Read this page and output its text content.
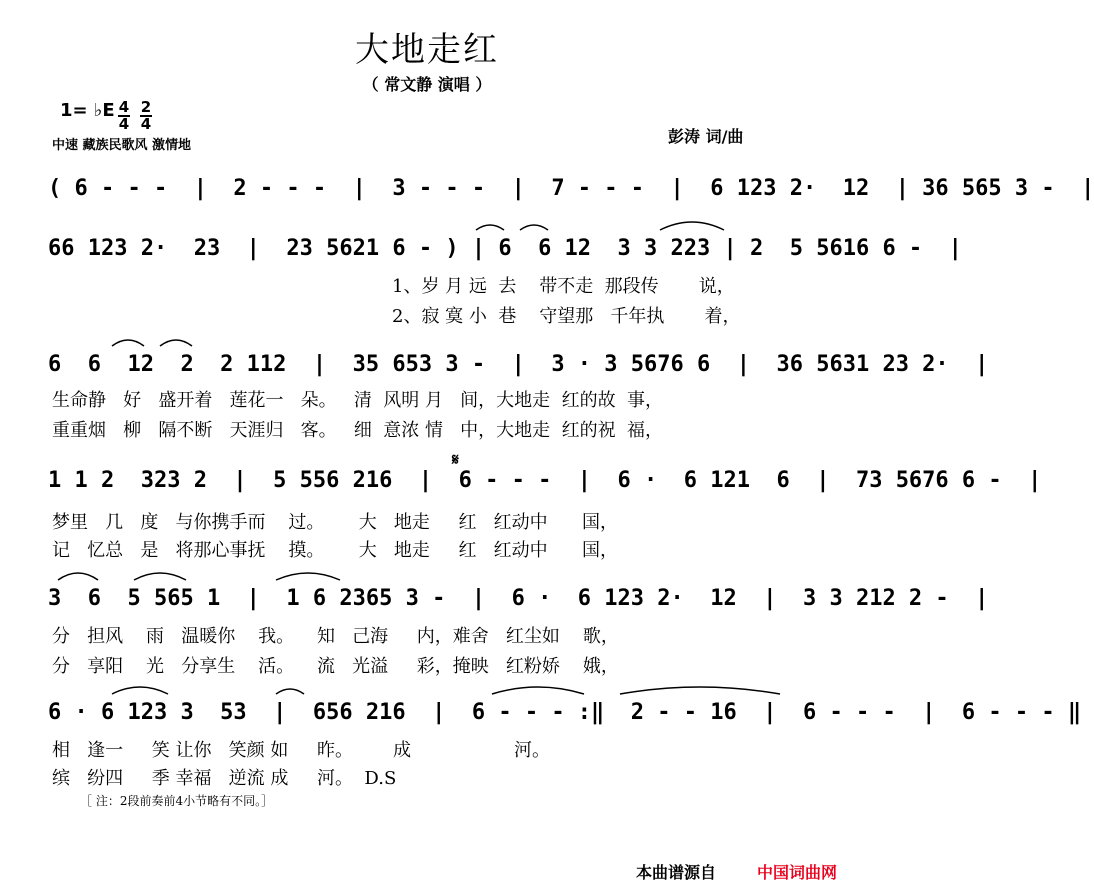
大地走红
（ 常文静 演唱 ）
1= ♭E 4
4
2
4
中速 藏族民歌风 激情地	彭涛 词/曲
( 6 - - -  |  2 - - -  |  3 - - -  |  7 - - -  |  6 123 2·  12  | 36 565 3 -  |
66 123 2·  23  |  23 5621 6 - ) | 6  6 12  3 3 223 | 2  5 5616 6 -  |
1、岁 月 远  去    带不走  那段传       说，
2、寂 寞 小  巷    守望那   千年执       着，
6  6  12  2  2 112  |  35 653 3 -  |  3 · 3 5676 6  |  36 5631 23 2·  |
生命静   好   盛开着   莲花一   朵。   清  风明 月   间，大地走  红的故  事，
重重烟   柳   隔不断   天涯归   客。   细  意浓 情   中，大地走  红的祝  福，
𝄋
1 1 2  323 2  |  5 556 216  |  6 - - -  |  6 ·  6 121  6  |  73 5676 6 -  |
梦里   几   度   与你携手而    过。      大   地走     红   红动中      国，
记   忆总   是   将那心事抚    摸。      大   地走     红   红动中      国，
3  6  5 565 1  |  1 6 2365 3 -  |  6 ·  6 123 2·  12  |  3 3 212 2 -  |
分   担风    雨   温暖你    我。    知   己海     内，难舍   红尘如    歌，
分   享阳    光   分享生    活。    流   光溢     彩，掩映   红粉娇    娥，
6 · 6 123 3  53  |  656 216  |  6 - - - :‖  2 - - 16  |  6 - - -  |  6 - - - ‖
相   逢一     笑 让你   笑颜 如     昨。       成                  河。
缤   纷四     季 幸福   逆流 成     河。  D.S
［ 注：2段前奏前4小节略有不同。］
本曲谱源自	中国词曲网
